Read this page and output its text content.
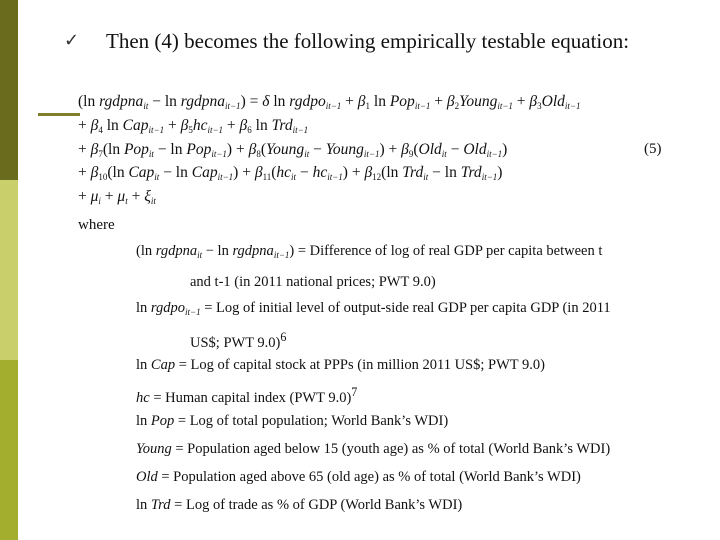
✓ Then (4) becomes the following empirically testable equation:
(ln rgdpna$_{it}$ − ln rgdpna$_{it-1}$) = δ ln rgdpo$_{it-1}$ + $\beta_1$ $\ln Pop_{it-1} + \beta_2Young_{it-1} + \beta_3Old_{it-1}$
+ $\beta_4$ $\ln Cap_{it-1} + \beta_5hc_{it-1} + \beta_6$ ln Trd$_{it-1}$
+ $\beta_7(\ln$ $Pop_{it} - \ln Pop_{it-1}) + \beta_8(Young_{it}$ − Young$_{it-1}$) + $\beta_9(Old_{it} - Old_{it-1})$	(5)
+ $\beta_{10}(\ln$ $Cap_{it} - \ln Cap_{it-1}) + \beta_{11}(hc_{it} - hc_{it-1}) + \beta_{12}(\ln$ Trd$_{it}$ − ln Trd$_{it-1}$)
+ $\mu_i + \mu_t + \xi_{it}$
where
(ln rgdpna$_{it}$ − ln rgdpna$_{it-1}$) = Difference of log of real GDP per capita between t
and t-1 (in 2011 national prices; PWT 9.0)
ln rgdpo$_{it-1}$ = Log of initial level of output-side real GDP per capita GDP (in 2011
US$; PWT 9.0)$^6$
ln Cap = Log of capital stock at PPPs (in million 2011 US$; PWT 9.0)
hc = Human capital index (PWT 9.0)$^7$
ln Pop = Log of total population; World Bank’s WDI)
Young = Population aged below 15 (youth age) as % of total (World Bank’s WDI)
Old = Population aged above 65 (old age) as % of total (World Bank’s WDI)
ln Trd = Log of trade as % of GDP (World Bank’s WDI)
